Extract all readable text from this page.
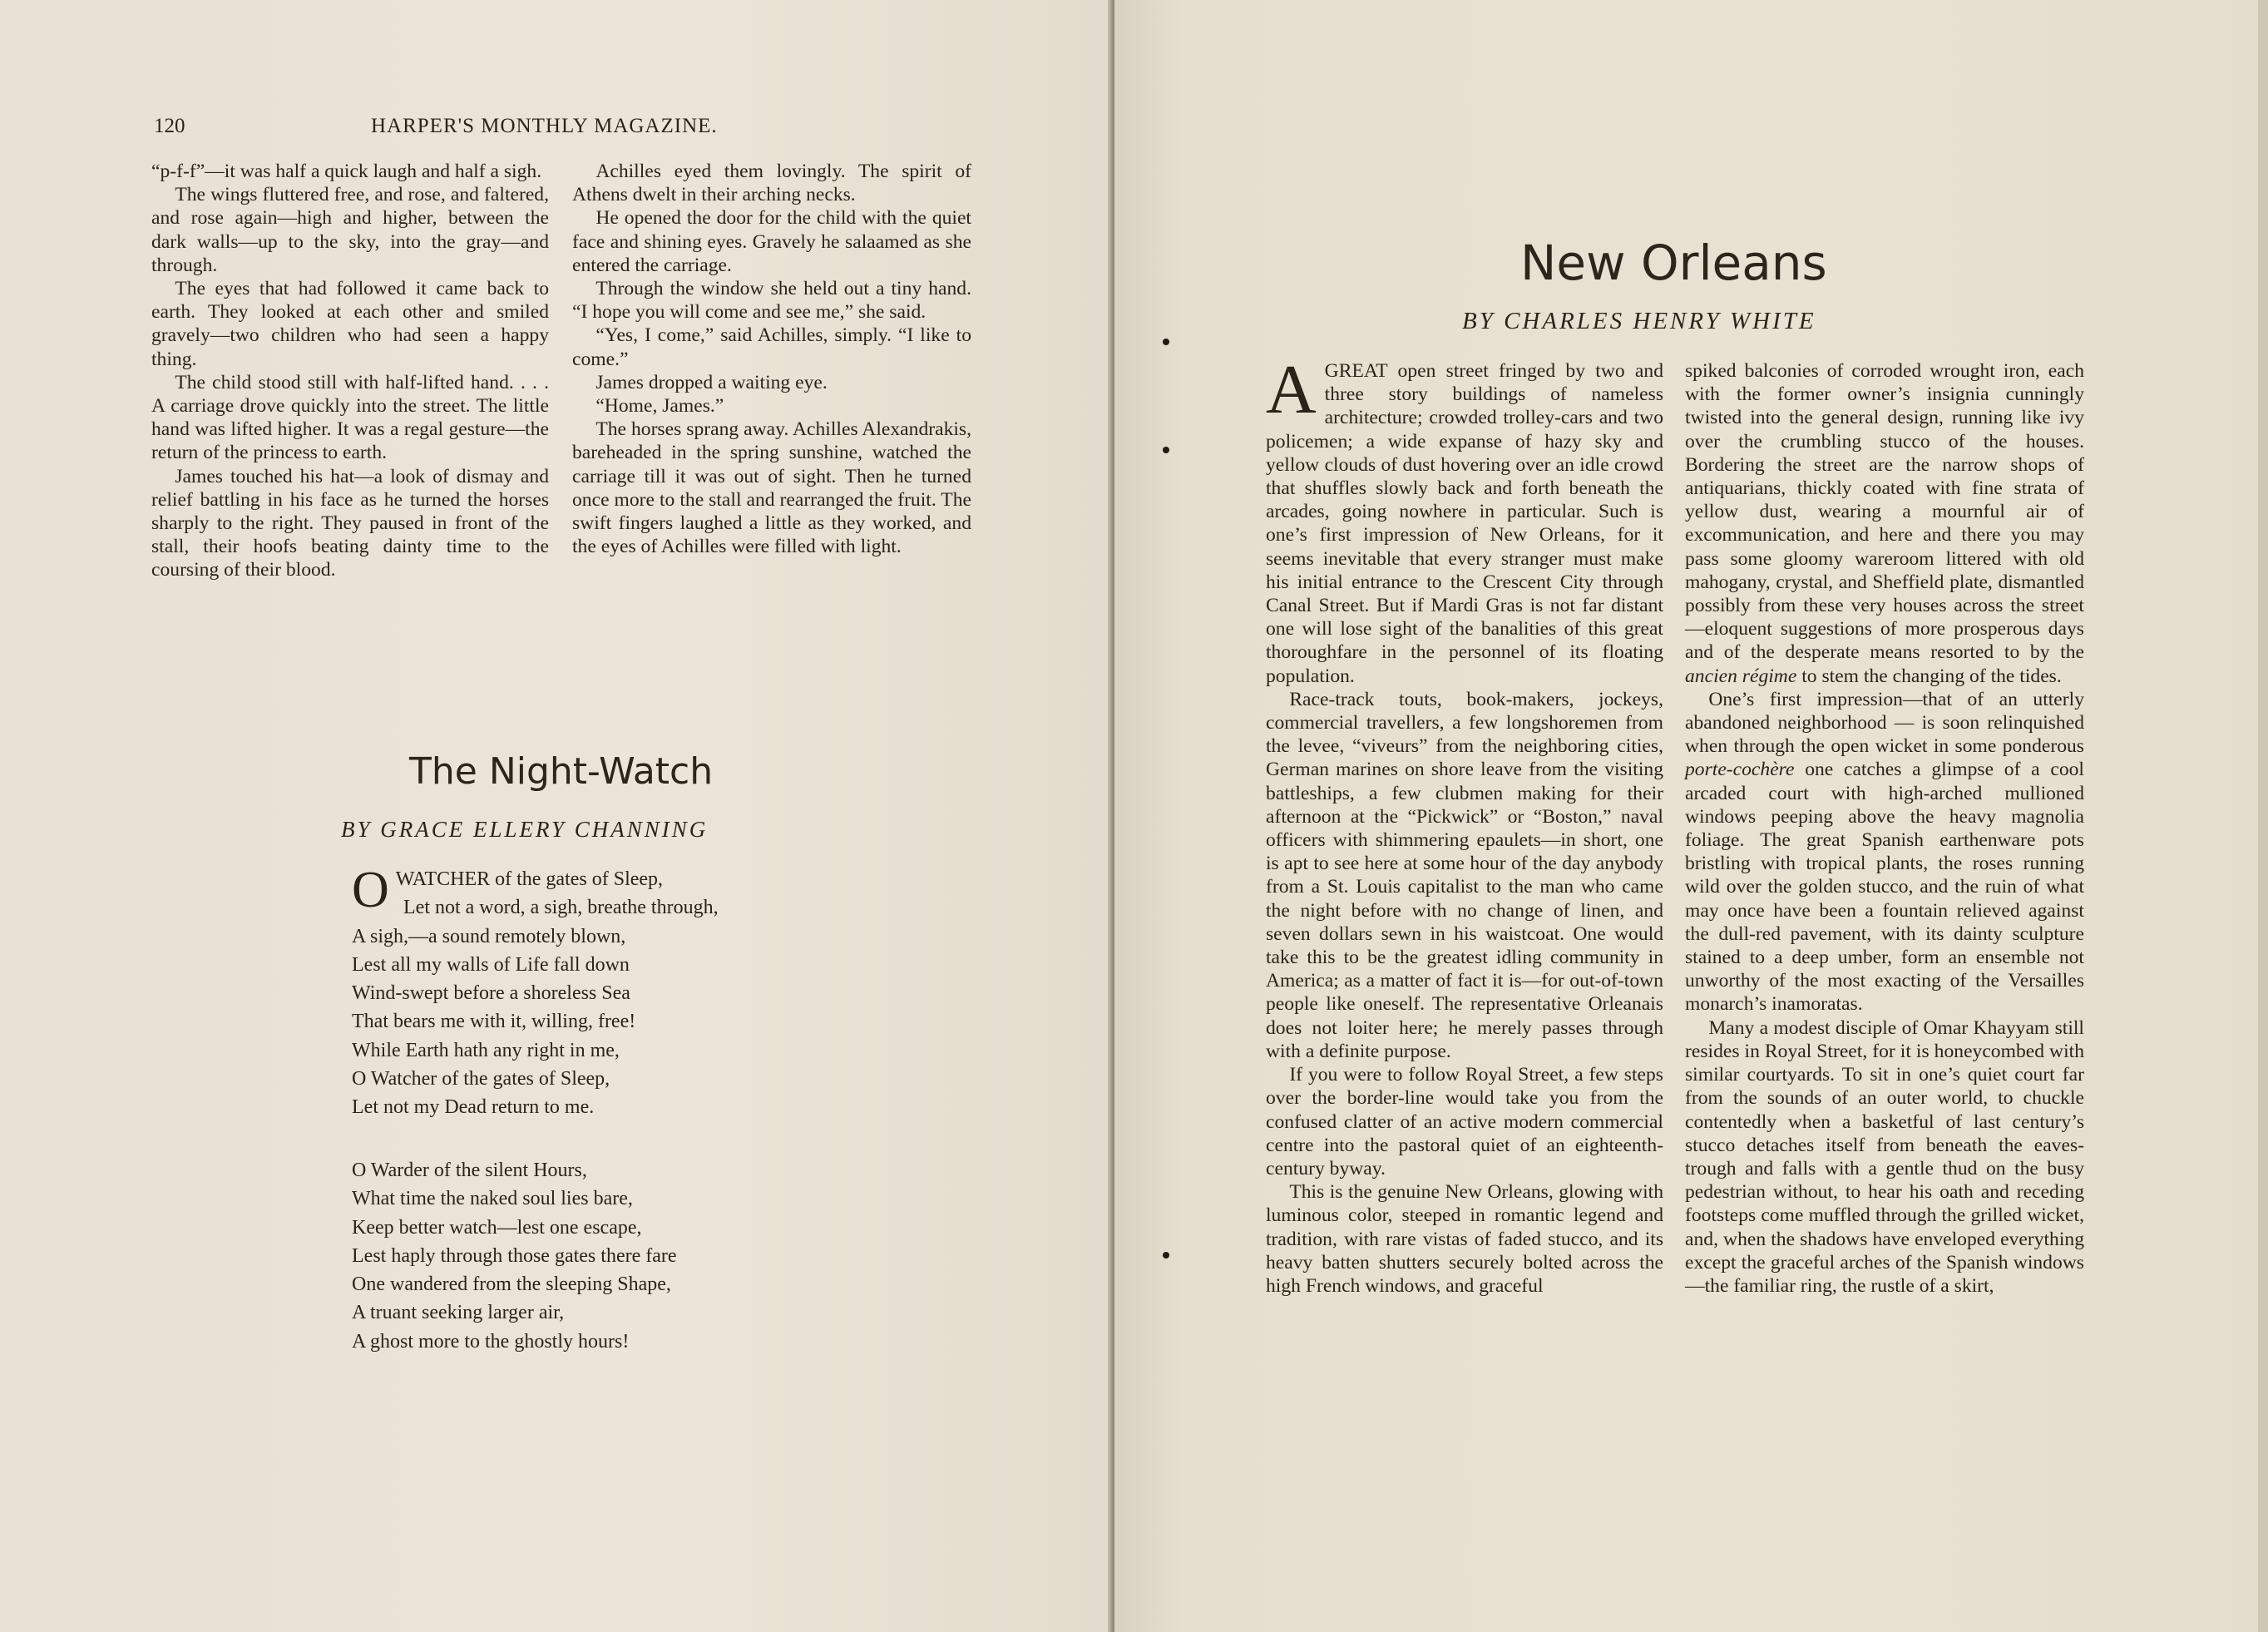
120	HARPER'S MONTHLY MAGAZINE.

“p-f-f”—it was half a quick laugh and half a sigh.

The wings fluttered free, and rose, and faltered, and rose again—high and higher, between the dark walls—up to the sky, into the gray—and through.

The eyes that had followed it came back to earth. They looked at each other and smiled gravely—two children who had seen a happy thing.

The child stood still with half-lifted hand. . . . A carriage drove quickly into the street. The little hand was lifted higher. It was a regal gesture—the return of the princess to earth.

James touched his hat—a look of dismay and relief battling in his face as he turned the horses sharply to the right. They paused in front of the stall, their hoofs beating dainty time to the coursing of their blood.

Achilles eyed them lovingly. The spirit of Athens dwelt in their arching necks.

He opened the door for the child with the quiet face and shining eyes. Gravely he salaamed as she entered the carriage.

Through the window she held out a tiny hand. “I hope you will come and see me,” she said.

“Yes, I come,” said Achilles, simply. “I like to come.”

James dropped a waiting eye.

“Home, James.”

The horses sprang away. Achilles Alexandrakis, bareheaded in the spring sunshine, watched the carriage till it was out of sight. Then he turned once more to the stall and rearranged the fruit. The swift fingers laughed a little as they worked, and the eyes of Achilles were filled with light.

The Night-Watch
BY GRACE ELLERY CHANNING
OWATCHER of the gates of Sleep,
Let not a word, a sigh, breathe through,
A sigh,—a sound remotely blown,
Lest all my walls of Life fall down
Wind-swept before a shoreless Sea
That bears me with it, willing, free!
While Earth hath any right in me,
O Watcher of the gates of Sleep,
Let not my Dead return to me.
O Warder of the silent Hours,
What time the naked soul lies bare,
Keep better watch—lest one escape,
Lest haply through those gates there fare
One wandered from the sleeping Shape,
A truant seeking larger air,
A ghost more to the ghostly hours!
New Orleans
BY CHARLES HENRY WHITE

AGREAT open street fringed by two and three story buildings of nameless architecture; crowded trolley-cars and two policemen; a wide expanse of hazy sky and yellow clouds of dust hovering over an idle crowd that shuffles slowly back and forth beneath the arcades, going nowhere in particular. Such is one’s first impression of New Orleans, for it seems inevitable that every stranger must make his initial entrance to the Crescent City through Canal Street. But if Mardi Gras is not far distant one will lose sight of the banalities of this great thoroughfare in the personnel of its floating population.

Race-track touts, book-makers, jockeys, commercial travellers, a few longshoremen from the levee, “viveurs” from the neighboring cities, German marines on shore leave from the visiting battleships, a few clubmen making for their afternoon at the “Pickwick” or “Boston,” naval officers with shimmering epaulets—in short, one is apt to see here at some hour of the day anybody from a St. Louis capitalist to the man who came the night before with no change of linen, and seven dollars sewn in his waistcoat. One would take this to be the greatest idling community in America; as a matter of fact it is—for out-of-town people like oneself. The representative Orleanais does not loiter here; he merely passes through with a definite purpose.

If you were to follow Royal Street, a few steps over the border-line would take you from the confused clatter of an active modern commercial centre into the pastoral quiet of an eighteenth-century byway.

This is the genuine New Orleans, glowing with luminous color, steeped in romantic legend and tradition, with rare vistas of faded stucco, and its heavy batten shutters securely bolted across the high French windows, and graceful

spiked balconies of corroded wrought iron, each with the former owner’s insignia cunningly twisted into the general design, running like ivy over the crumbling stucco of the houses. Bordering the street are the narrow shops of antiquarians, thickly coated with fine strata of yellow dust, wearing a mournful air of excommunication, and here and there you may pass some gloomy wareroom littered with old mahogany, crystal, and Sheffield plate, dismantled possibly from these very houses across the street—eloquent suggestions of more prosperous days and of the desperate means resorted to by the ancien régime to stem the changing of the tides.

One’s first impression—that of an utterly abandoned neighborhood — is soon relinquished when through the open wicket in some ponderous porte-cochère one catches a glimpse of a cool arcaded court with high-arched mullioned windows peeping above the heavy magnolia foliage. The great Spanish earthenware pots bristling with tropical plants, the roses running wild over the golden stucco, and the ruin of what may once have been a fountain relieved against the dull-red pavement, with its dainty sculpture stained to a deep umber, form an ensemble not unworthy of the most exacting of the Versailles monarch’s inamoratas.

Many a modest disciple of Omar Khayyam still resides in Royal Street, for it is honeycombed with similar courtyards. To sit in one’s quiet court far from the sounds of an outer world, to chuckle contentedly when a basketful of last century’s stucco detaches itself from beneath the eaves-trough and falls with a gentle thud on the busy pedestrian without, to hear his oath and receding footsteps come muffled through the grilled wicket, and, when the shadows have enveloped everything except the graceful arches of the Spanish windows —the familiar ring, the rustle of a skirt,
